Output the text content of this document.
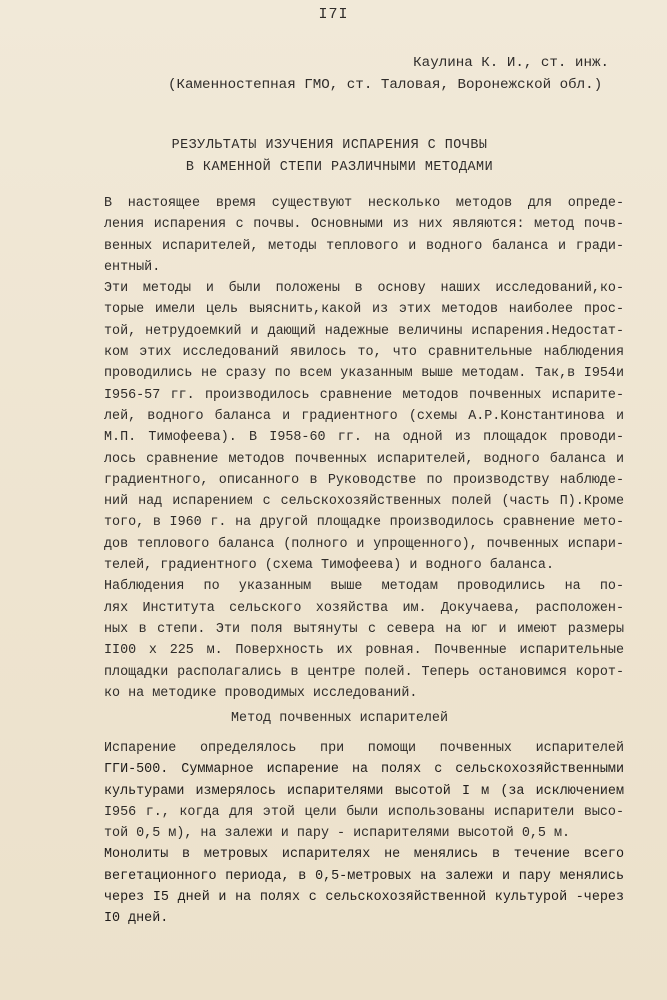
I7I
Каулина К. И., ст. инж.
(Каменностепная ГМО, ст. Таловая, Воронежской обл.)
РЕЗУЛЬТАТЫ ИЗУЧЕНИЯ ИСПАРЕНИЯ С ПОЧВЫ
В КАМЕННОЙ СТЕПИ РАЗЛИЧНЫМИ МЕТОДАМИ
В настоящее время существуют несколько методов для опреде-
ления испарения с почвы. Основными из них являются: метод почв-
венных испарителей, методы теплового и водного баланса и гради-
ентный.
Эти методы и были положены в основу наших исследований,ко-
торые имели цель выяснить,какой из этих методов наиболее прос-
той, нетрудоемкий и дающий надежные величины испарения.Недостат-
ком этих исследований явилось то, что сравнительные наблюдения
проводились не сразу по всем указанным выше методам. Так,в I954и
I956-57 гг. производилось сравнение методов почвенных испарите-
лей, водного баланса и градиентного (схемы А.Р.Константинова и
М.П. Тимофеева). В I958-60 гг. на одной из площадок проводи-
лось сравнение методов почвенных испарителей, водного баланса и
градиентного, описанного в Руководстве по производству наблюде-
ний над испарением с сельскохозяйственных полей (часть П).Кроме
того, в I960 г. на другой площадке производилось сравнение мето-
дов теплового баланса (полного и упрощенного), почвенных испари-
телей, градиентного (схема Тимофеева) и водного баланса.
Наблюдения по указанным выше методам проводились на по-
лях Института сельского хозяйства им. Докучаева, расположен-
ных в степи. Эти поля вытянуты с севера на юг и имеют размеры
II00 x 225 м. Поверхность их ровная. Почвенные испарительные
площадки располагались в центре полей. Теперь остановимся корот-
ко на методике проводимых исследований.
Метод почвенных испарителей
Испарение определялось при помощи почвенных испарителей
ГГИ-500. Суммарное испарение на полях с сельскохозяйственными
культурами измерялось испарителями высотой I м (за исключением
I956 г., когда для этой цели были использованы испарители высо-
той 0,5 м), на залежи и пару - испарителями высотой 0,5 м.
Монолиты в метровых испарителях не менялись в течение всего
вегетационного периода, в 0,5-метровых на залежи и пару менялись
через I5 дней и на полях с сельскохозяйственной культурой -через
I0 дней.
